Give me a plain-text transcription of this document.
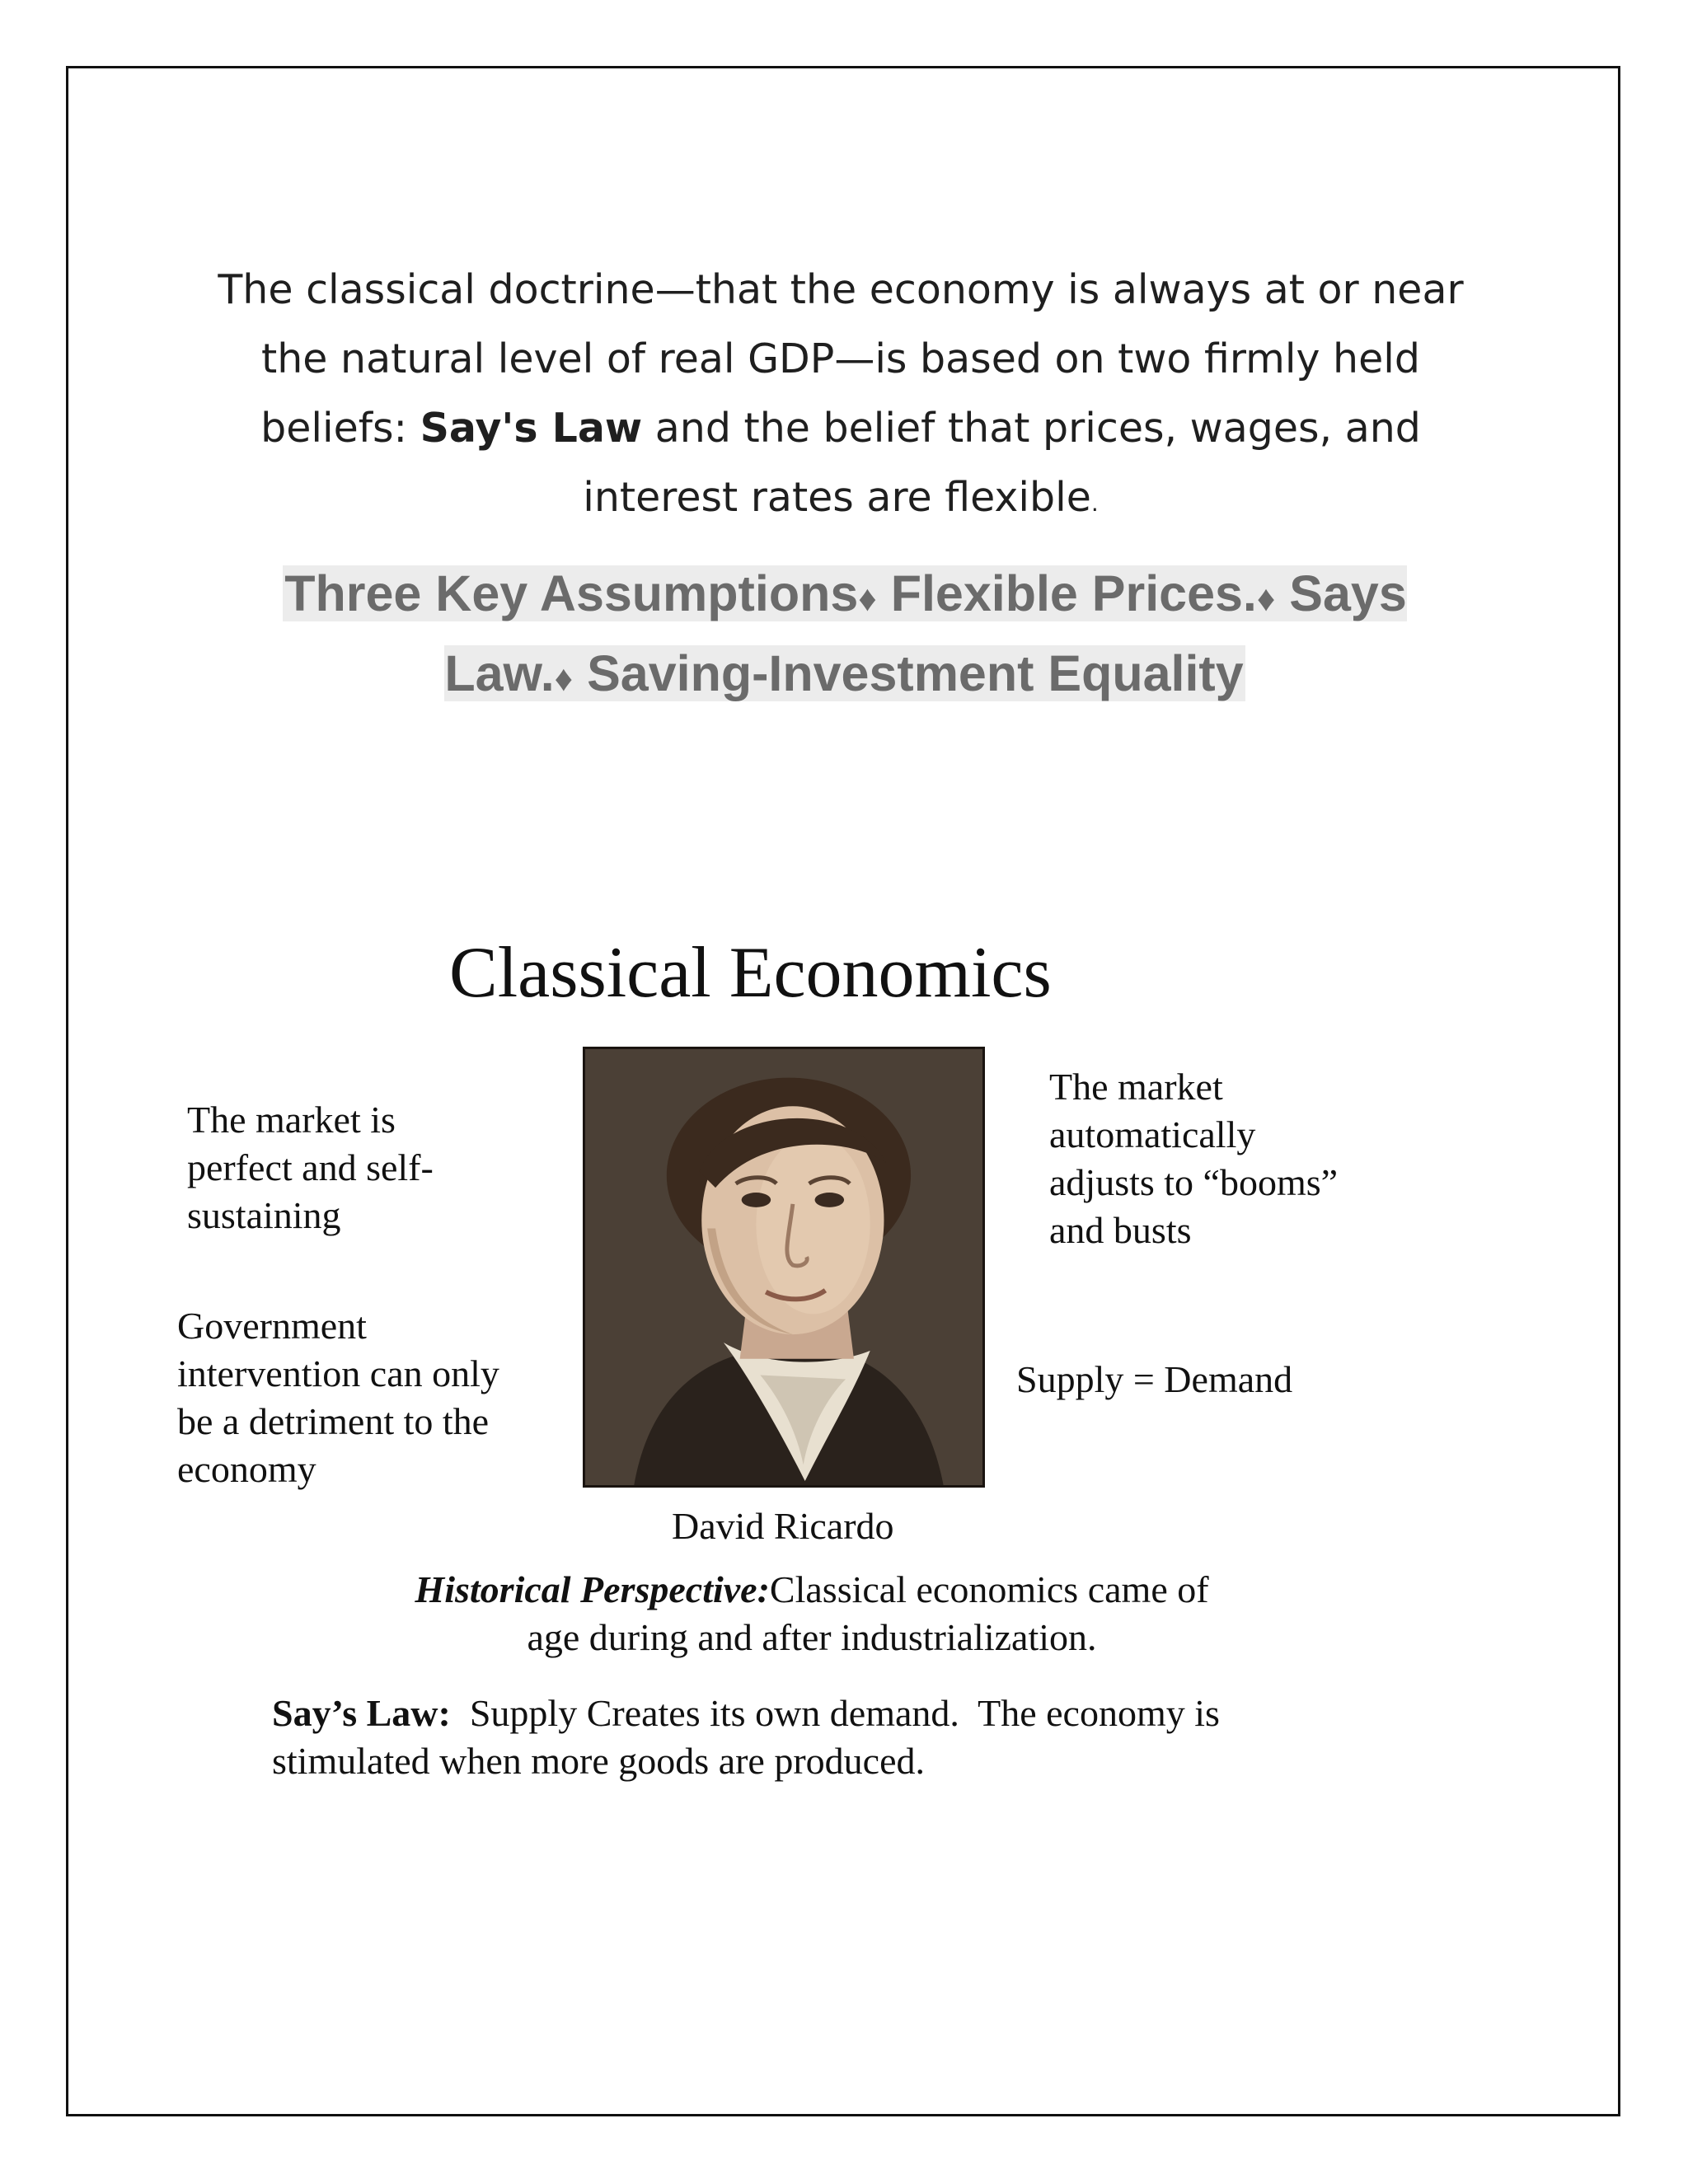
The classical doctrine—that the economy is always at or near the natural level of real GDP—is based on two firmly held beliefs: Say's Law and the belief that prices, wages, and interest rates are flexible.
Three Key Assumptions♦ Flexible Prices.♦ Says Law.♦ Saving-Investment Equality
Classical Economics
The market is perfect and self-sustaining
Government intervention can only be a detriment to the economy
The market automatically adjusts to “booms” and busts
Supply = Demand
David Ricardo
Historical Perspective:Classical economics came of age during and after industrialization.
Say’s Law:  Supply Creates its own demand.  The economy is stimulated when more goods are produced.
